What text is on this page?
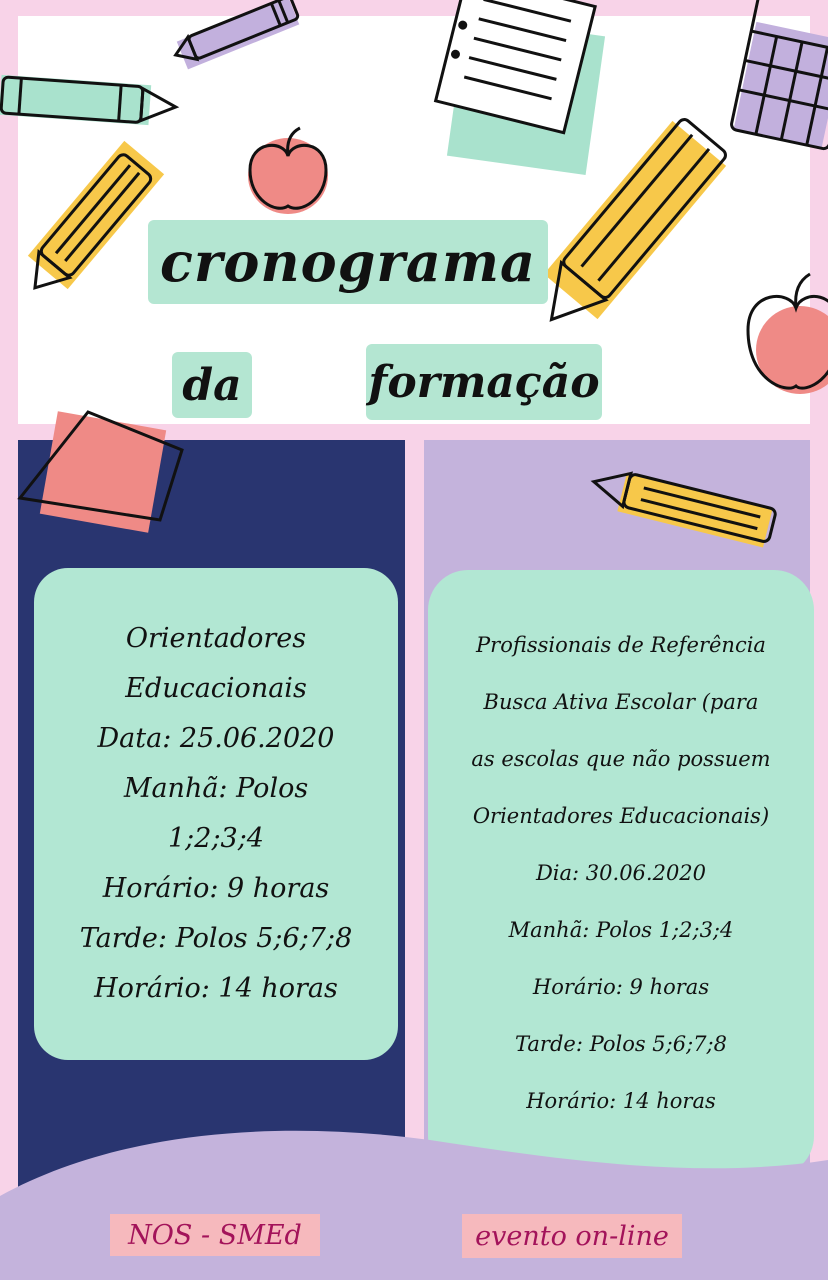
cronograma
da	formação
Orientadores
Educacionais
Data: 25.06.2020
Manhã: Polos
1;2;3;4
Horário: 9 horas
Tarde: Polos 5;6;7;8
Horário: 14 horas
Profissionais de Referência
Busca Ativa Escolar (para
as escolas que não possuem
Orientadores Educacionais)
Dia: 30.06.2020
Manhã: Polos 1;2;3;4
Horário: 9 horas
Tarde: Polos 5;6;7;8
Horário: 14 horas
NOS - SMEd	evento on-line
